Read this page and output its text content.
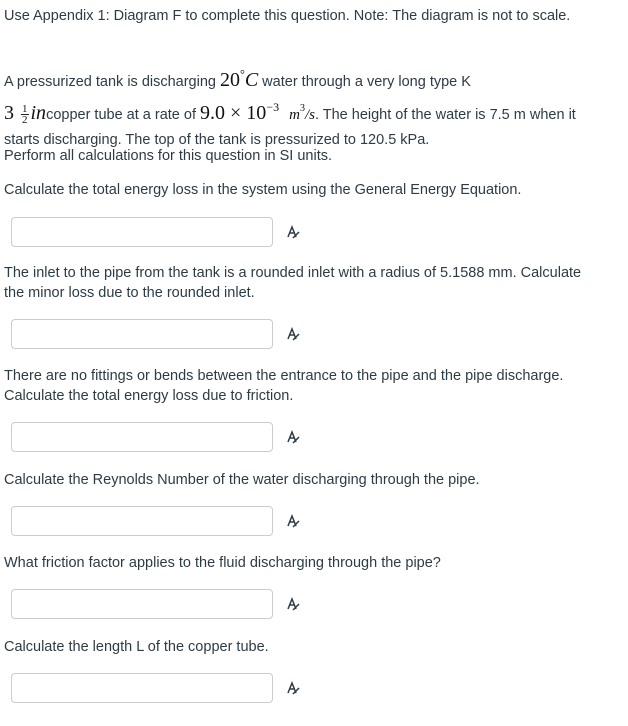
Use Appendix 1: Diagram F to complete this question. Note: The diagram is not to scale.

A pressurized tank is discharging 20°C water through a very long type K
$3 \frac{1}{2}$ incopper tube at a rate of $9.0 \times 10^{-3}$ $m^3/s$. The height of the water is 7.5 m when it starts discharging. The top of the tank is pressurized to 120.5 kPa.

Perform all calculations for this question in SI units.

Calculate the total energy loss in the system using the General Energy Equation.

The inlet to the pipe from the tank is a rounded inlet with a radius of 5.1588 mm. Calculate the minor loss due to the rounded inlet.

There are no fittings or bends between the entrance to the pipe and the pipe discharge. Calculate the total energy loss due to friction.

Calculate the Reynolds Number of the water discharging through the pipe.

What friction factor applies to the fluid discharging through the pipe?

Calculate the length L of the copper tube.
